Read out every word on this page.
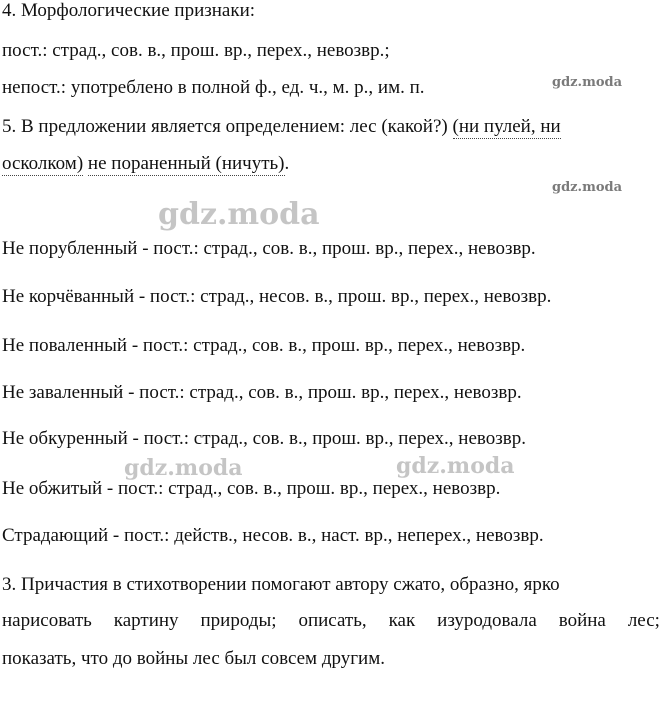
4. Морфологические признаки:
пост.: страд., сов. в., прош. вр., перех., невозвр.;
непост.: употреблено в полной ф., ед. ч., м. р., им. п.
5. В предложении является определением: лес (какой?) (ни пулей, ни
осколком) не пораненный (ничуть).
Не порубленный - пост.: страд., сов. в., прош. вр., перех., невозвр.
Не корчёванный - пост.: страд., несов. в., прош. вр., перех., невозвр.
Не поваленный - пост.: страд., сов. в., прош. вр., перех., невозвр.
Не заваленный - пост.: страд., сов. в., прош. вр., перех., невозвр.
Не обкуренный - пост.: страд., сов. в., прош. вр., перех., невозвр.
Не обжитый - пост.: страд., сов. в., прош. вр., перех., невозвр.
Страдающий - пост.: действ., несов. в., наст. вр., неперех., невозвр.
3. Причастия в стихотворении помогают автору сжато, образно, ярко
нарисовать картину природы; описать, как изуродовала война лес;
показать, что до войны лес был совсем другим.
gdz.moda
gdz.moda
gdz.moda
gdz.moda	gdz.moda
